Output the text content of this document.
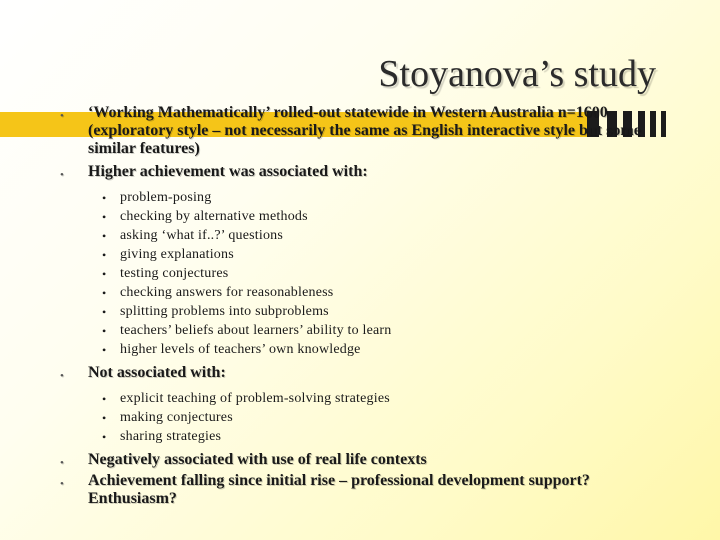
Stoyanova’s study
• ‘Working Mathematically’ rolled-out statewide in Western Australia n=1600 (exploratory style – not necessarily the same as English interactive style but some similar features)
• Higher achievement was associated with:
• problem-posing
• checking by alternative methods
• asking ‘what if..?’ questions
• giving explanations
• testing conjectures
• checking answers for reasonableness
• splitting problems into subproblems
• teachers’ beliefs about learners’ ability to learn
• higher levels of teachers’ own knowledge
• Not associated with:
• explicit teaching of problem-solving strategies
• making conjectures
• sharing strategies
• Negatively associated with use of real life contexts
• Achievement falling since initial rise – professional development support? Enthusiasm?
